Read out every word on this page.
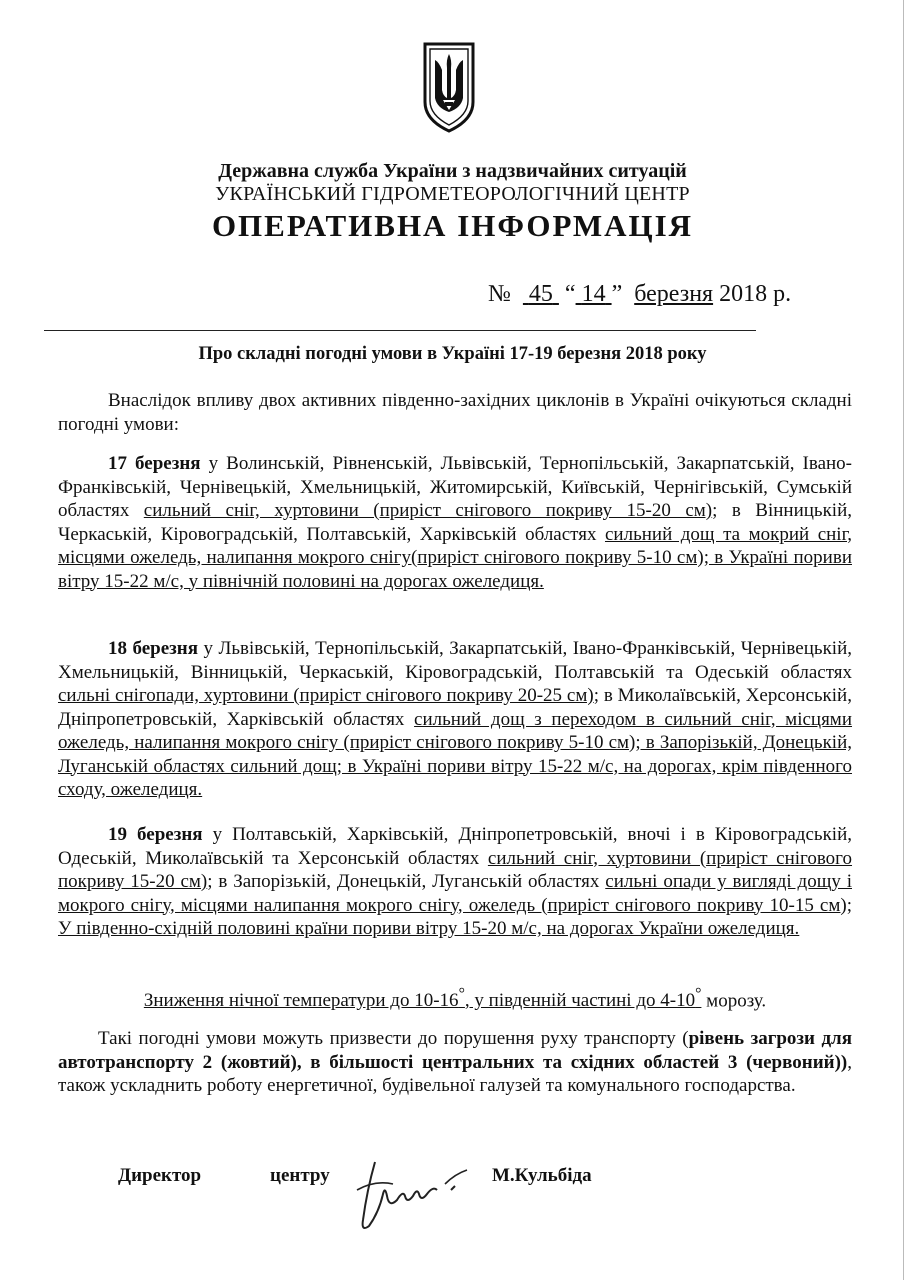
Державна служба України з надзвичайних ситуацій
УКРАЇНСЬКИЙ ГІДРОМЕТЕОРОЛОГІЧНИЙ ЦЕНТР
ОПЕРАТИВНА ІНФОРМАЦІЯ
№ 45 “ 14 ” березня 2018 р.
Про складні погодні умови в Україні 17-19 березня 2018 року
Внаслідок впливу двох активних південно-західних циклонів в Україні очікуються складні погодні умови:
17 березня у Волинській, Рівненській, Львівській, Тернопільській, Закарпатській, Івано-Франківській, Чернівецькій, Хмельницькій, Житомирській, Київській, Чернігівській, Сумській областях сильний сніг, хуртовини (приріст снігового покриву 15-20 см); в Вінницькій, Черкаській, Кіровоградській, Полтавській, Харківській областях сильний дощ та мокрий сніг, місцями ожеледь, налипання мокрого снігу(приріст снігового покриву 5-10 см); в Україні пориви вітру 15-22 м/с, у північній половині на дорогах ожеледиця.
18 березня у Львівській, Тернопільській, Закарпатській, Івано-Франківській, Чернівецькій, Хмельницькій, Вінницькій, Черкаській, Кіровоградській, Полтавській та Одеській областях сильні снігопади, хуртовини (приріст снігового покриву 20-25 см); в Миколаївській, Херсонській, Дніпропетровській, Харківській областях сильний дощ з переходом в сильний сніг, місцями ожеледь, налипання мокрого снігу (приріст снігового покриву 5-10 см); в Запорізькій, Донецькій, Луганській областях сильний дощ; в Україні пориви вітру 15-22 м/с, на дорогах, крім південного сходу, ожеледиця.
19 березня у Полтавській, Харківській, Дніпропетровській, вночі і в Кіровоградській, Одеській, Миколаївській та Херсонській областях сильний сніг, хуртовини (приріст снігового покриву 15-20 см); в Запорізькій, Донецькій, Луганській областях сильні опади у вигляді дощу і мокрого снігу, місцями налипання мокрого снігу, ожеледь (приріст снігового покриву 10-15 см); У південно-східній половині країни пориви вітру 15-20 м/с, на дорогах України ожеледиця.
Зниження нічної температури до 10-16°, у південній частині до 4-10° морозу.
Такі погодні умови можуть призвести до порушення руху транспорту (рівень загрози для автотранспорту 2 (жовтий), в більшості центральних та східних областей 3 (червоний)), також ускладнить роботу енергетичної, будівельної галузей та комунального господарства.
Директор	центру	М.Кульбіда
